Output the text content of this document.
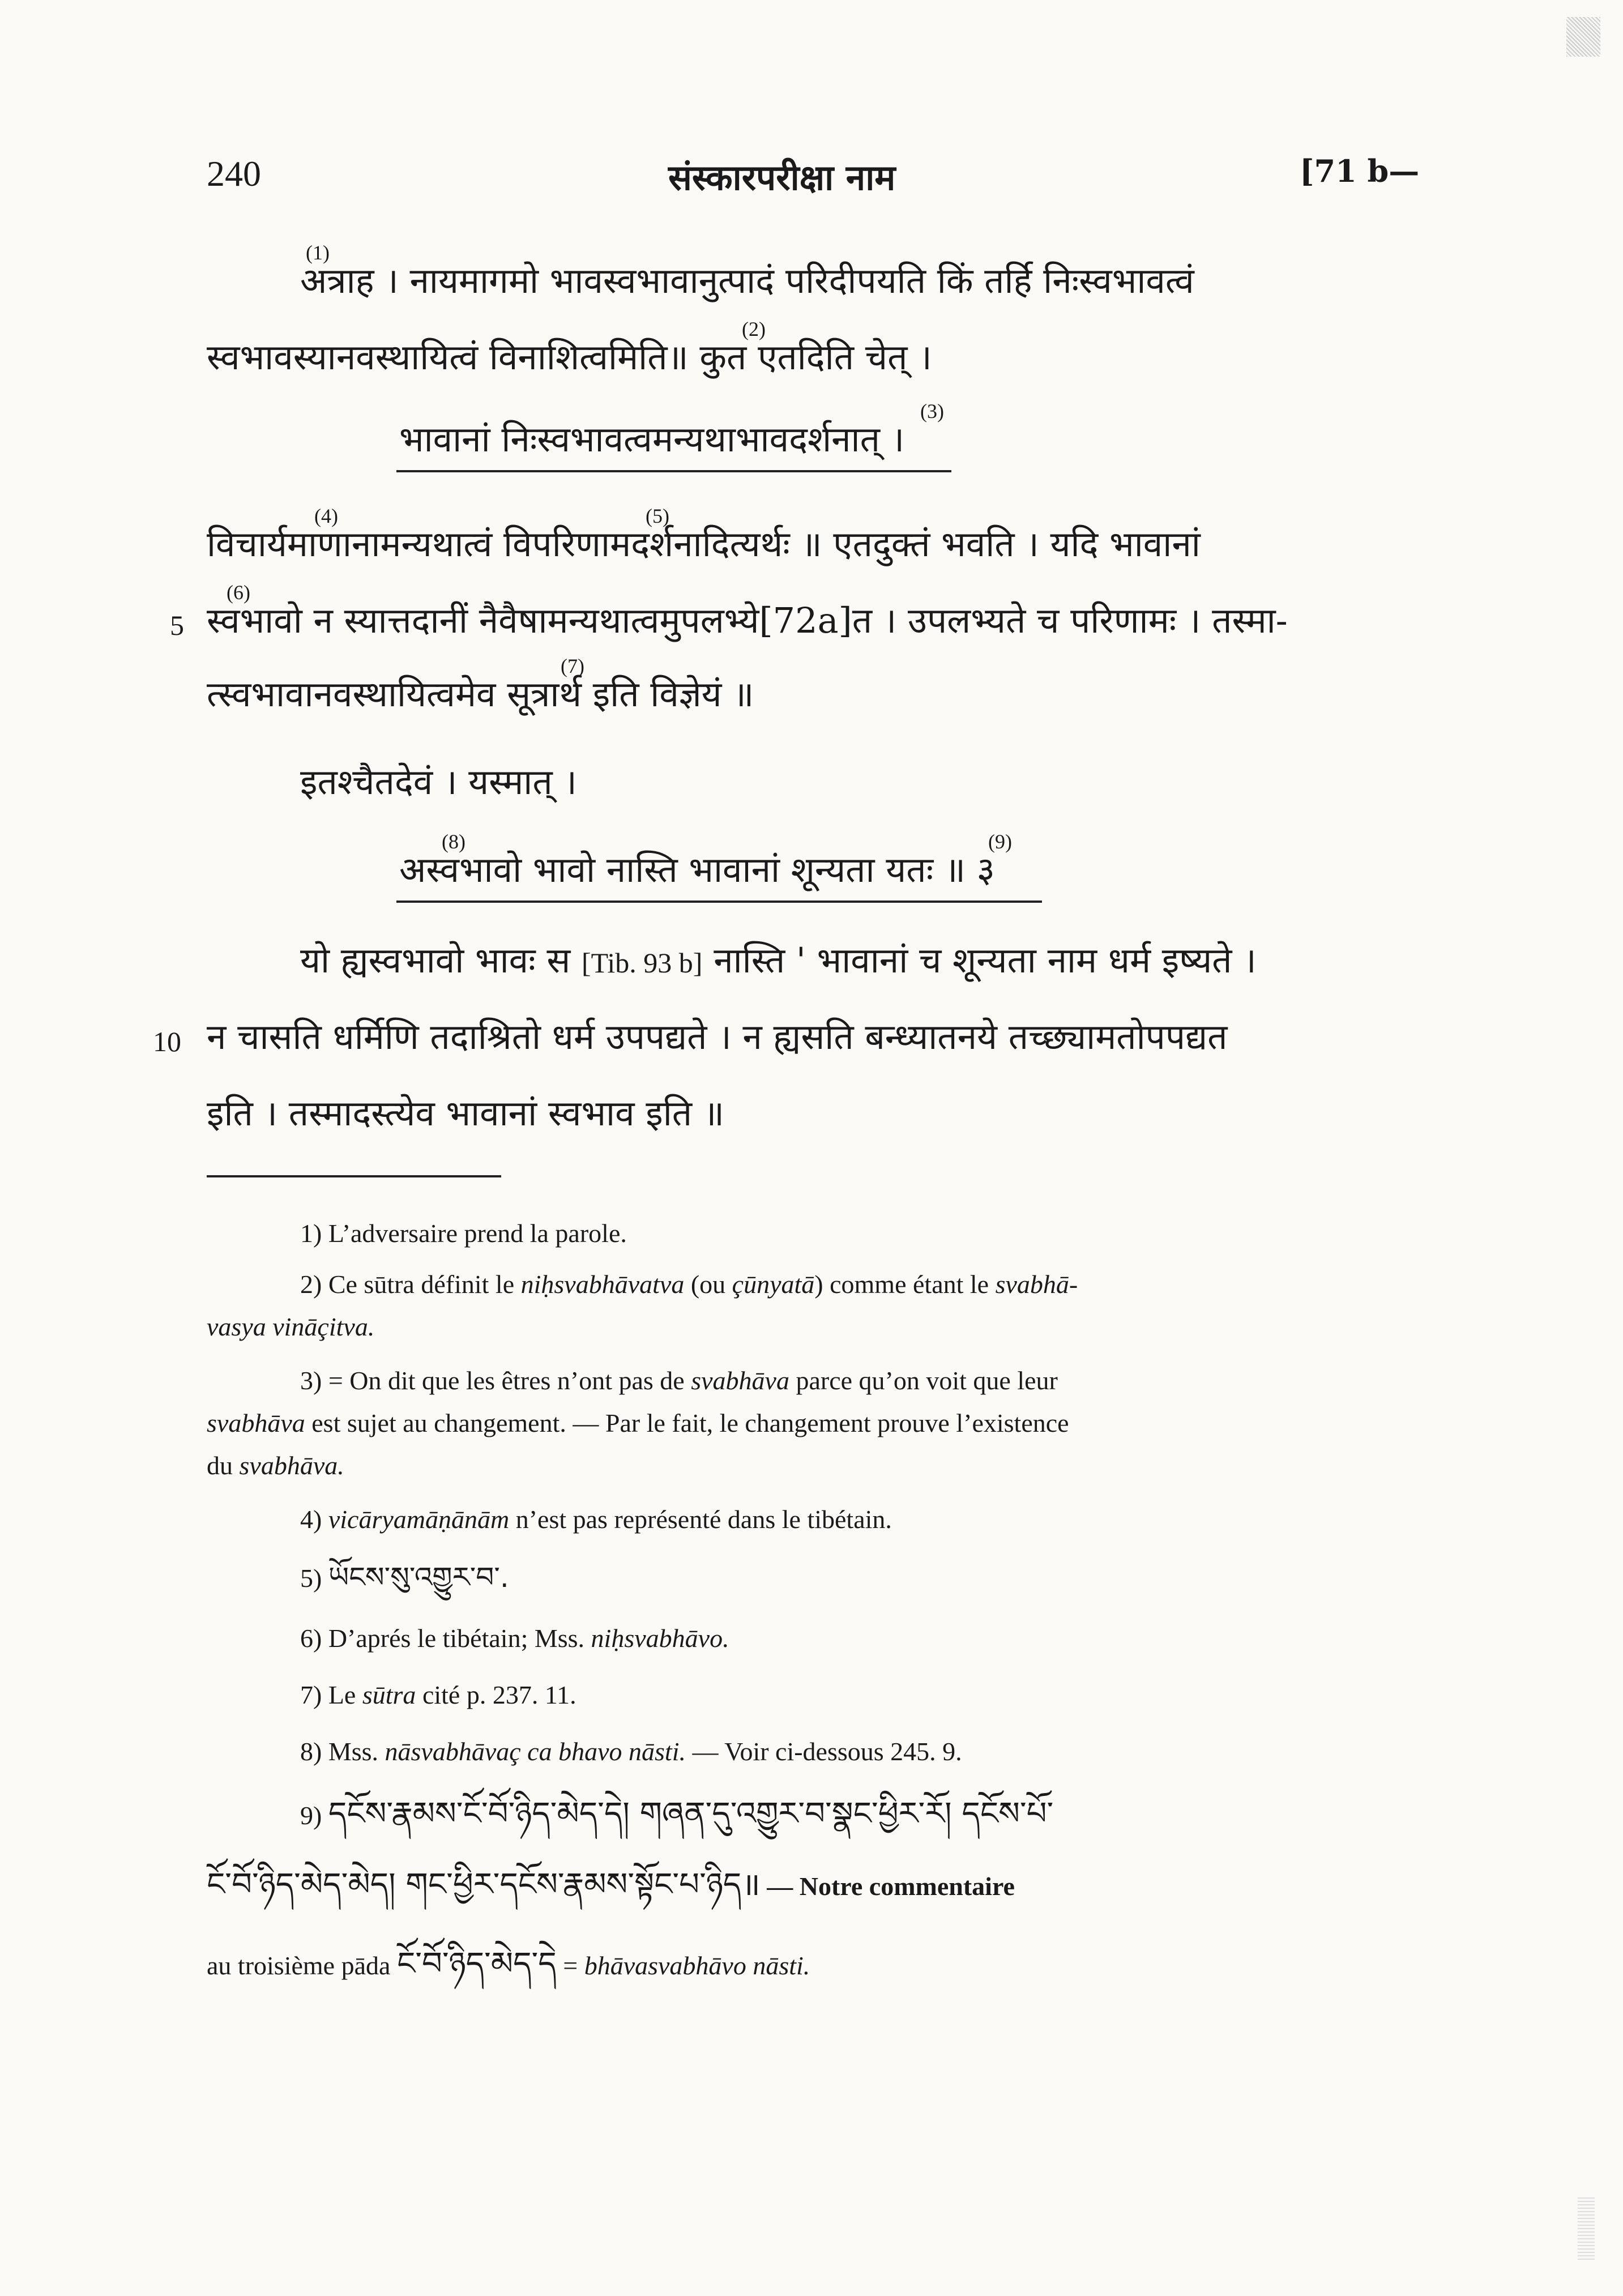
240	संस्कारपरीक्षा नाम	[71 b—
(1)
अत्राह । नायमागमो भावस्वभावानुत्पादं परिदीपयति किं तर्हि निःस्वभावत्वं
(2)
स्वभावस्यानवस्थायित्वं विनाशित्वमिति॥ कुत एतदिति चेत् ।
(3)
भावानां निःस्वभावत्वमन्यथाभावदर्शनात् ।
(4)	(5)
विचार्यमाणानामन्यथात्वं विपरिणामदर्शनादित्यर्थः ॥ एतदुक्तं भवति । यदि भावानां
(6)
5 स्वभावो न स्यात्तदानीं नैवैषामन्यथात्वमुपलभ्ये[72a]त । उपलभ्यते च परिणामः । तस्मा-
(7)
त्स्वभावानवस्थायित्वमेव सूत्रार्थ इति विज्ञेयं ॥
इतश्चैतदेवं । यस्मात् ।
(8)	(9)
अस्वभावो भावो नास्ति भावानां शून्यता यतः ॥ ३
यो ह्यस्वभावो भावः स [Tib. 93 b] नास्ति ' भावानां च शून्यता नाम धर्म इष्यते ।
10 न चासति धर्मिणि तदाश्रितो धर्म उपपद्यते । न ह्यसति बन्ध्यातनये तच्छ्यामतोपपद्यत
इति । तस्मादस्त्येव भावानां स्वभाव इति ॥
1) L’adversaire prend la parole.
2) Ce sūtra définit le niḥsvabhāvatva (ou çūnyatā) comme étant le svabhā-
vasya vināçitva.
3) = On dit que les êtres n’ont pas de svabhāva parce qu’on voit que leur
svabhāva est sujet au changement. — Par le fait, le changement prouve l’existence
du svabhāva.
4) vicāryamāṇānām n’est pas représenté dans le tibétain.
5) ཡོངས་སུ་འགྱུར་བ་.
6) D’aprés le tibétain; Mss. niḥsvabhāvo.
7) Le sūtra cité p. 237. 11.
8) Mss. nāsvabhāvaç ca bhavo nāsti. — Voir ci-dessous 245. 9.
9) དངོས་རྣམས་ངོ་བོ་ཉིད་མེད་དེ། གཞན་དུ་འགྱུར་བ་སྣང་ཕྱིར་རོ། དངོས་པོ་
ངོ་བོ་ཉིད་མེད་མེད། གང་ཕྱིར་དངོས་རྣམས་སྟོང་པ་ཉིད॥ — Notre commentaire
au troisième pāda ངོ་བོ་ཉིད་མེད་དེ = bhāvasvabhāvo nāsti.
